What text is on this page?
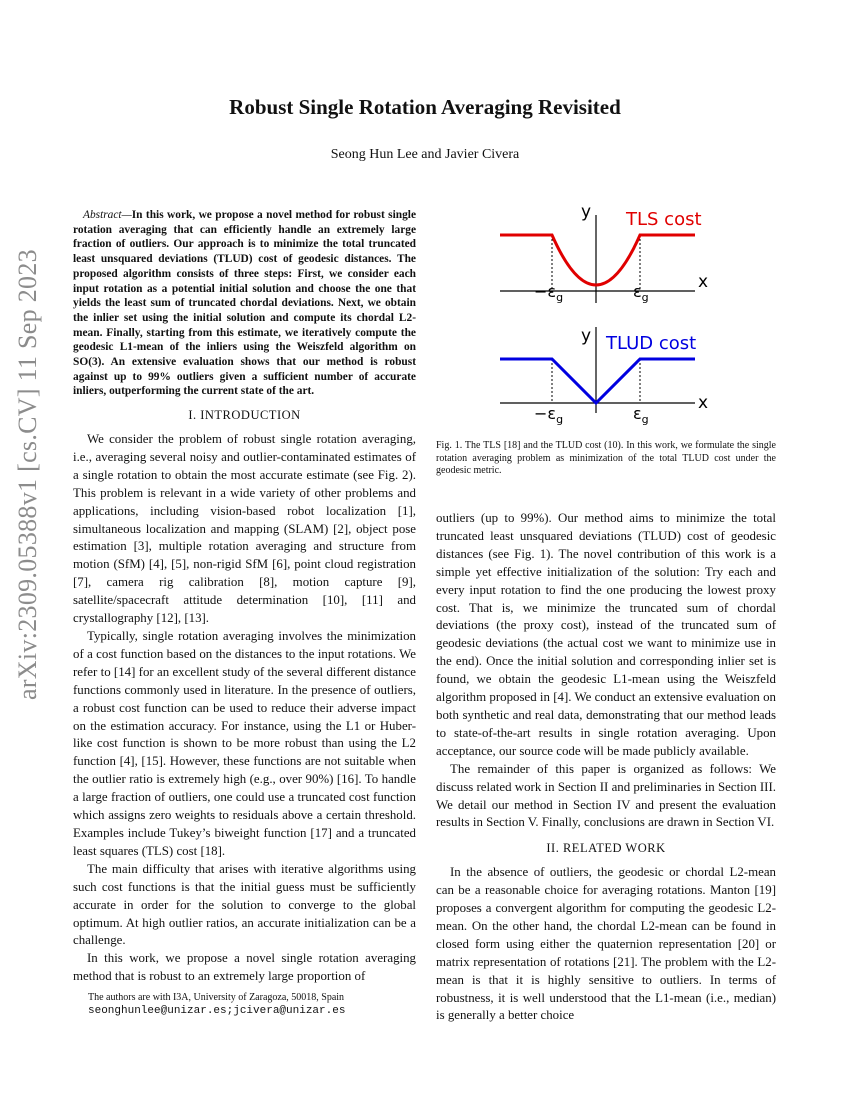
arXiv:2309.05388v1 [cs.CV] 11 Sep 2023
Robust Single Rotation Averaging Revisited
Seong Hun Lee and Javier Civera

Abstract—In this work, we propose a novel method for robust single rotation averaging that can efficiently handle an extremely large fraction of outliers. Our approach is to minimize the total truncated least unsquared deviations (TLUD) cost of geodesic distances. The proposed algorithm consists of three steps: First, we consider each input rotation as a potential initial solution and choose the one that yields the least sum of truncated chordal deviations. Next, we obtain the inlier set using the initial solution and compute its chordal L2-mean. Finally, starting from this estimate, we iteratively compute the geodesic L1-mean of the inliers using the Weiszfeld algorithm on SO(3). An extensive evaluation shows that our method is robust against up to 99% outliers given a sufficient number of accurate inliers, outperforming the current state of the art.

I. INTRODUCTION

We consider the problem of robust single rotation averaging, i.e., averaging several noisy and outlier-contaminated estimates of a single rotation to obtain the most accurate estimate (see Fig. 2). This problem is relevant in a wide variety of other problems and applications, including vision-based robot localization [1], simultaneous localization and mapping (SLAM) [2], object pose estimation [3], multiple rotation averaging and structure from motion (SfM) [4], [5], non-rigid SfM [6], point cloud registration [7], camera rig calibration [8], motion capture [9], satellite/spacecraft attitude determination [10], [11] and crystallography [12], [13].

Typically, single rotation averaging involves the minimization of a cost function based on the distances to the input rotations. We refer to [14] for an excellent study of the several different distance functions commonly used in literature. In the presence of outliers, a robust cost function can be used to reduce their adverse impact on the estimation accuracy. For instance, using the L1 or Huber-like cost function is shown to be more robust than using the L2 function [4], [15]. However, these functions are not suitable when the outlier ratio is extremely high (e.g., over 90%) [16]. To handle a large fraction of outliers, one could use a truncated cost function which assigns zero weights to residuals above a certain threshold. Examples include Tukey’s biweight function [17] and a truncated least squares (TLS) cost [18].

The main difficulty that arises with iterative algorithms using such cost functions is that the initial guess must be sufficiently accurate in order for the solution to converge to the global optimum. At high outlier ratios, an accurate initialization can be a challenge.

In this work, we propose a novel single rotation averaging method that is robust to an extremely large proportion of

y
x
TLS cost
$-\varepsilon_g$	$\varepsilon_g$
y
x
TLUD cost
$-\varepsilon_g$	$\varepsilon_g$
Fig. 1. The TLS [18] and the TLUD cost (10). In this work, we formulate the single rotation averaging problem as minimization of the total TLUD cost under the geodesic metric.

outliers (up to 99%). Our method aims to minimize the total truncated least unsquared deviations (TLUD) cost of geodesic distances (see Fig. 1). The novel contribution of this work is a simple yet effective initialization of the solution: Try each and every input rotation to find the one producing the lowest proxy cost. That is, we minimize the truncated sum of chordal deviations (the proxy cost), instead of the truncated sum of geodesic deviations (the actual cost we want to minimize use in the end). Once the initial solution and corresponding inlier set is found, we obtain the geodesic L1-mean using the Weiszfeld algorithm proposed in [4]. We conduct an extensive evaluation on both synthetic and real data, demonstrating that our method leads to state-of-the-art results in single rotation averaging. Upon acceptance, our source code will be made publicly available.

The remainder of this paper is organized as follows: We discuss related work in Section II and preliminaries in Section III. We detail our method in Section IV and present the evaluation results in Section V. Finally, conclusions are drawn in Section VI.

II. RELATED WORK

In the absence of outliers, the geodesic or chordal L2-mean can be a reasonable choice for averaging rotations. Manton [19] proposes a convergent algorithm for computing the geodesic L2-mean. On the other hand, the chordal L2-mean can be found in closed form using either the quaternion representation [20] or matrix representation of rotations [21]. The problem with the L2-mean is that it is highly sensitive to outliers. In terms of robustness, it is well understood that the L1-mean (i.e., median) is generally a better choice

The authors are with I3A, University of Zaragoza, 50018, Spain
seonghunlee@unizar.es;jcivera@unizar.es
